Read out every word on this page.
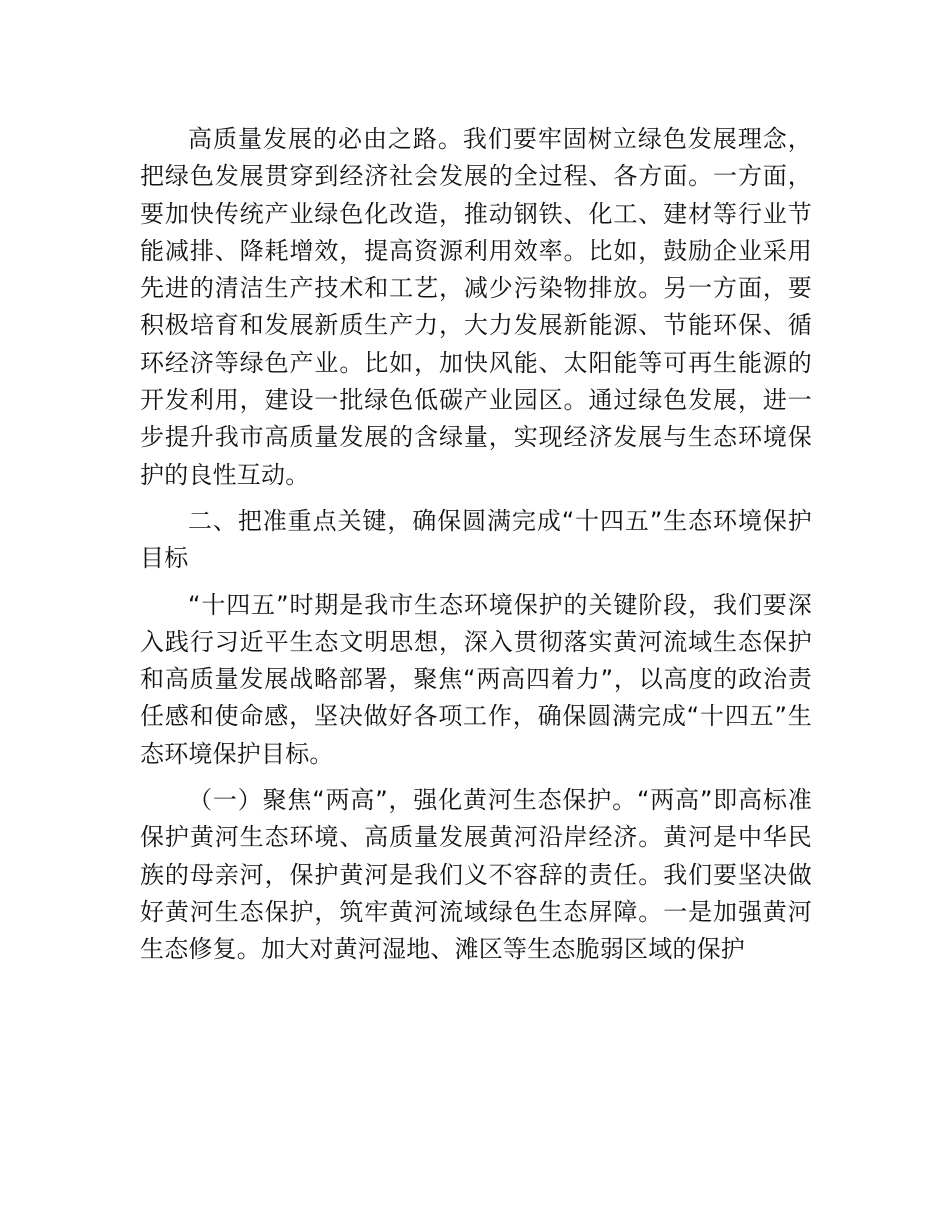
高质量发展的必由之路。我们要牢固树立绿色发展理念，把绿色发展贯穿到经济社会发展的全过程、各方面。一方面，要加快传统产业绿色化改造，推动钢铁、化工、建材等行业节能减排、降耗增效，提高资源利用效率。比如，鼓励企业采用先进的清洁生产技术和工艺，减少污染物排放。另一方面，要积极培育和发展新质生产力，大力发展新能源、节能环保、循环经济等绿色产业。比如，加快风能、太阳能等可再生能源的开发利用，建设一批绿色低碳产业园区。通过绿色发展，进一步提升我市高质量发展的含绿量，实现经济发展与生态环境保护的良性互动。

二、把准重点关键，确保圆满完成“十四五”生态环境保护目标

“十四五”时期是我市生态环境保护的关键阶段，我们要深入践行习近平生态文明思想，深入贯彻落实黄河流域生态保护和高质量发展战略部署，聚焦“两高四着力”，以高度的政治责任感和使命感，坚决做好各项工作，确保圆满完成“十四五”生态环境保护目标。

（一）聚焦“两高”，强化黄河生态保护。“两高”即高标准保护黄河生态环境、高质量发展黄河沿岸经济。黄河是中华民族的母亲河，保护黄河是我们义不容辞的责任。我们要坚决做好黄河生态保护，筑牢黄河流域绿色生态屏障。一是加强黄河生态修复。加大对黄河湿地、滩区等生态脆弱区域的保护
